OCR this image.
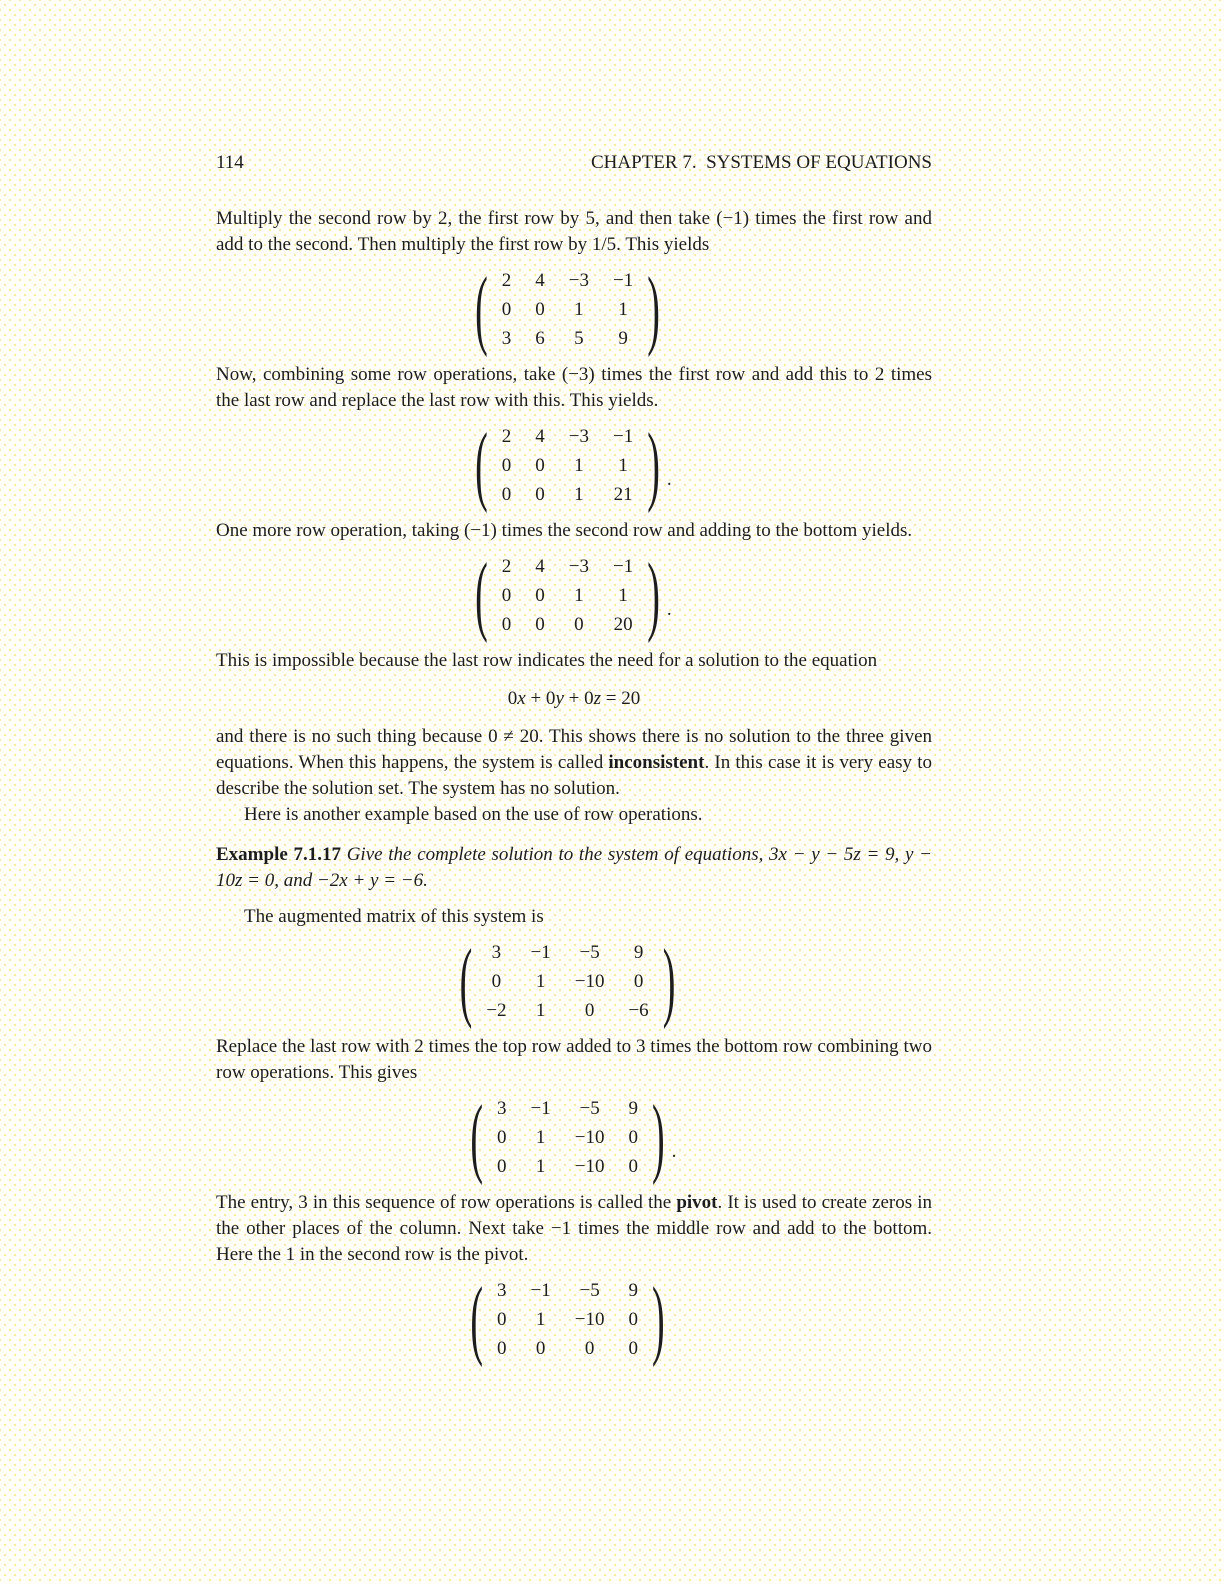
114	CHAPTER 7.  SYSTEMS OF EQUATIONS

Multiply the second row by 2, the first row by 5, and then take (−1) times the first row and add to the second. Then multiply the first row by 1/5. This yields

( 2 4 −3 −1
0 0 1 1
3 6 5 9 )

Now, combining some row operations, take (−3) times the first row and add this to 2 times the last row and replace the last row with this. This yields.

( 2 4 −3 −1
0 0 1 1
0 0 1 21 ) .

One more row operation, taking (−1) times the second row and adding to the bottom yields.

( 2 4 −3 −1
0 0 1 1
0 0 0 20 ) .

This is impossible because the last row indicates the need for a solution to the equation

0x + 0y + 0z = 20

and there is no such thing because 0 ≠ 20. This shows there is no solution to the three given equations. When this happens, the system is called inconsistent. In this case it is very easy to describe the solution set. The system has no solution.

Here is another example based on the use of row operations.

Example 7.1.17 Give the complete solution to the system of equations, 3x − y − 5z = 9, y − 10z = 0, and −2x + y = −6.

The augmented matrix of this system is

( 3 −1 −5 9
0 1 −10 0
−2 1 0 −6 )

Replace the last row with 2 times the top row added to 3 times the bottom row combining two row operations. This gives

( 3 −1 −5 9
0 1 −10 0
0 1 −10 0 ) .

The entry, 3 in this sequence of row operations is called the pivot. It is used to create zeros in the other places of the column. Next take −1 times the middle row and add to the bottom. Here the 1 in the second row is the pivot.

( 3 −1 −5 9
0 1 −10 0
0 0 0 0 )
